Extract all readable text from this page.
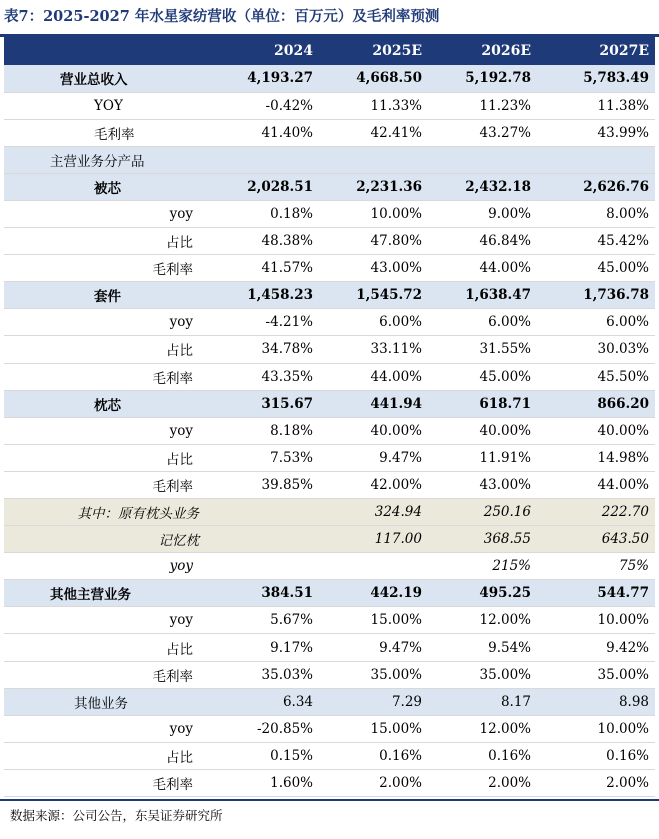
表7：2025-2027 年水星家纺营收（单位：百万元）及毛利率预测
	2024	2025E	2026E	2027E
营业总收入	4,193.27	4,668.50	5,192.78	5,783.49
YOY	-0.42%	11.33%	11.23%	11.38%
毛利率	41.40%	42.41%	43.27%	43.99%
主营业务分产品				
被芯	2,028.51	2,231.36	2,432.18	2,626.76
yoy	0.18%	10.00%	9.00%	8.00%
占比	48.38%	47.80%	46.84%	45.42%
毛利率	41.57%	43.00%	44.00%	45.00%
套件	1,458.23	1,545.72	1,638.47	1,736.78
yoy	-4.21%	6.00%	6.00%	6.00%
占比	34.78%	33.11%	31.55%	30.03%
毛利率	43.35%	44.00%	45.00%	45.50%
枕芯	315.67	441.94	618.71	866.20
yoy	8.18%	40.00%	40.00%	40.00%
占比	7.53%	9.47%	11.91%	14.98%
毛利率	39.85%	42.00%	43.00%	44.00%
其中：原有枕头业务		324.94	250.16	222.70
记忆枕		117.00	368.55	643.50
yoy			215%	75%
其他主营业务	384.51	442.19	495.25	544.77
yoy	5.67%	15.00%	12.00%	10.00%
占比	9.17%	9.47%	9.54%	9.42%
毛利率	35.03%	35.00%	35.00%	35.00%
其他业务	6.34	7.29	8.17	8.98
yoy	-20.85%	15.00%	12.00%	10.00%
占比	0.15%	0.16%	0.16%	0.16%
毛利率	1.60%	2.00%	2.00%	2.00%
数据来源：公司公告，东吴证券研究所
